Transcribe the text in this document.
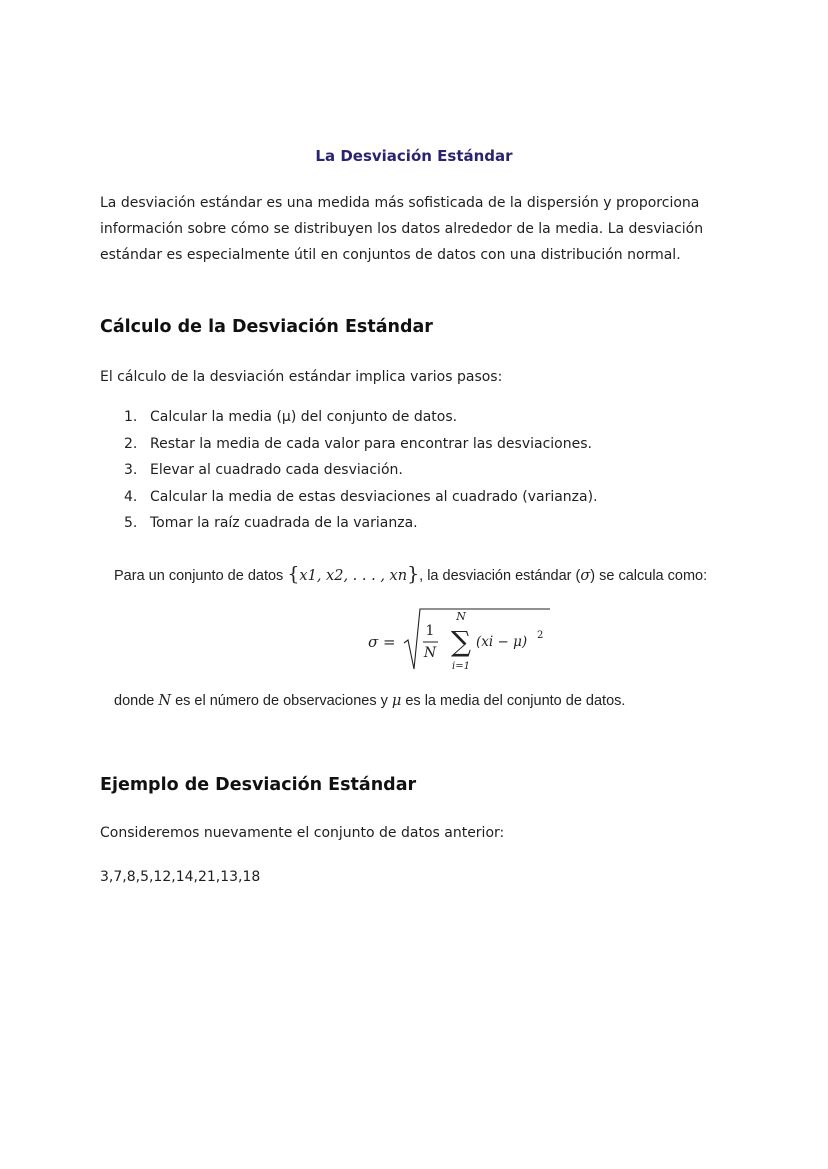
La Desviación Estándar
La desviación estándar es una medida más sofisticada de la dispersión y proporciona información sobre cómo se distribuyen los datos alrededor de la media. La desviación estándar es especialmente útil en conjuntos de datos con una distribución normal.
Cálculo de la Desviación Estándar
El cálculo de la desviación estándar implica varios pasos:
1. Calcular la media (μ) del conjunto de datos.
2. Restar la media de cada valor para encontrar las desviaciones.
3. Elevar al cuadrado cada desviación.
4. Calcular la media de estas desviaciones al cuadrado (varianza).
5. Tomar la raíz cuadrada de la varianza.
Para un conjunto de datos {x1, x2, . . . , xn}, la desviación estándar (σ) se calcula como:
σ =
1
N
N
∑
i=1
(xi − μ) 2
donde N es el número de observaciones y μ es la media del conjunto de datos.
Ejemplo de Desviación Estándar
Consideremos nuevamente el conjunto de datos anterior:
3,7,8,5,12,14,21,13,18
